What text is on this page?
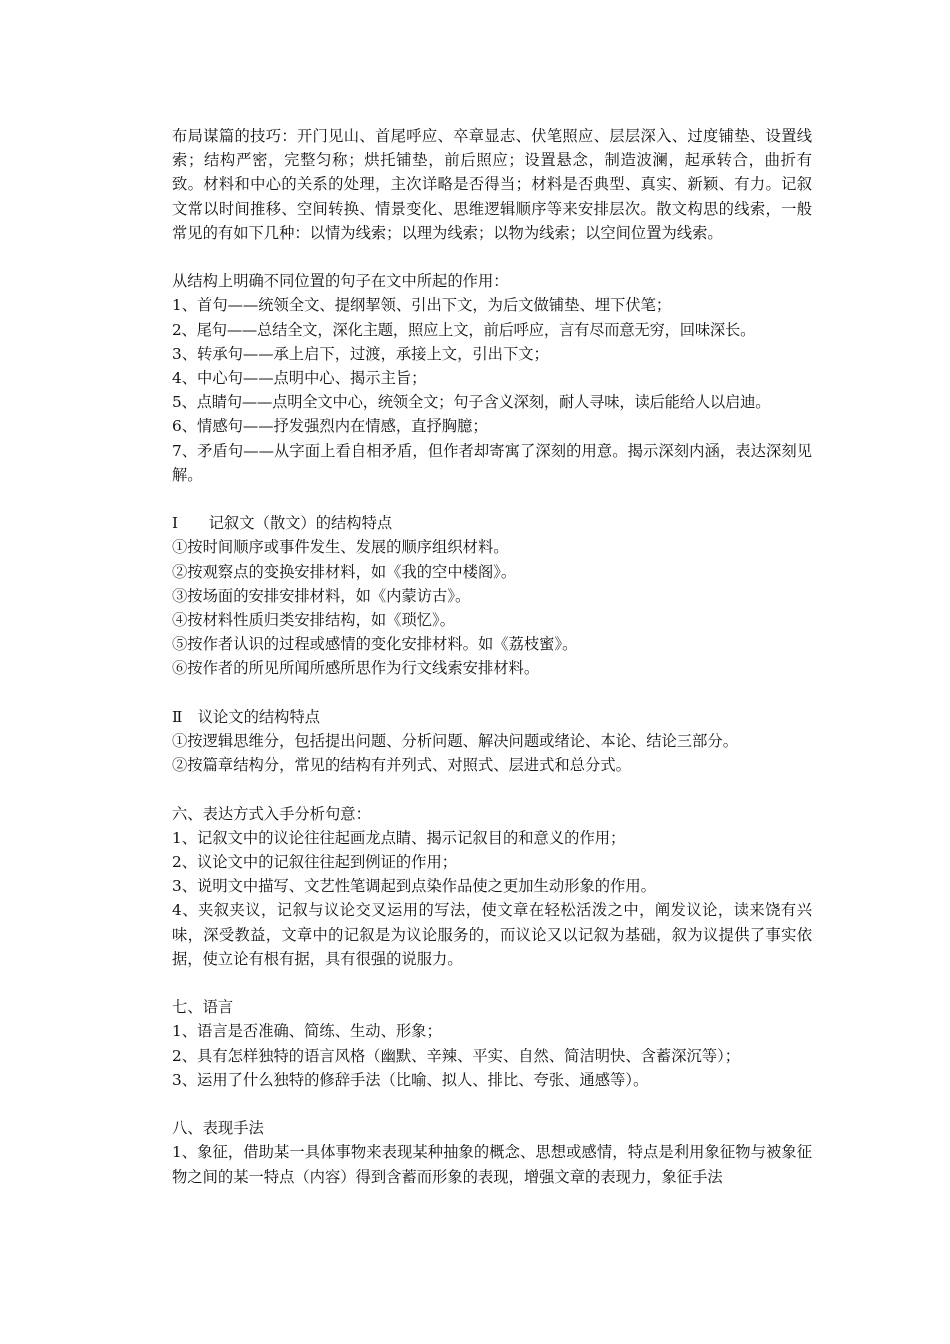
布局谋篇的技巧：开门见山、首尾呼应、卒章显志、伏笔照应、层层深入、过度铺垫、设置线索；结构严密，完整匀称；烘托铺垫，前后照应；设置悬念，制造波澜，起承转合，曲折有致。材料和中心的关系的处理，主次详略是否得当；材料是否典型、真实、新颖、有力。记叙文常以时间推移、空间转换、情景变化、思维逻辑顺序等来安排层次。散文构思的线索，一般常见的有如下几种：以情为线索；以理为线索；以物为线索；以空间位置为线索。

从结构上明确不同位置的句子在文中所起的作用：

1、首句——统领全文、提纲挈领、引出下文，为后文做铺垫、埋下伏笔；

2、尾句——总结全文，深化主题，照应上文，前后呼应，言有尽而意无穷，回味深长。

3、转承句——承上启下，过渡，承接上文，引出下文；

4、中心句——点明中心、揭示主旨；

5、点睛句——点明全文中心，统领全文；句子含义深刻，耐人寻味，读后能给人以启迪。

6、情感句——抒发强烈内在情感，直抒胸臆；

7、矛盾句——从字面上看自相矛盾，但作者却寄寓了深刻的用意。揭示深刻内涵，表达深刻见解。

Ⅰ　　记叙文（散文）的结构特点

①按时间顺序或事件发生、发展的顺序组织材料。

②按观察点的变换安排材料，如《我的空中楼阁》。

③按场面的安排安排材料，如《内蒙访古》。

④按材料性质归类安排结构，如《琐忆》。

⑤按作者认识的过程或感情的变化安排材料。如《荔枝蜜》。

⑥按作者的所见所闻所感所思作为行文线索安排材料。

Ⅱ　议论文的结构特点

①按逻辑思维分，包括提出问题、分析问题、解决问题或绪论、本论、结论三部分。

②按篇章结构分，常见的结构有并列式、对照式、层进式和总分式。

六、表达方式入手分析句意：

1、记叙文中的议论往往起画龙点睛、揭示记叙目的和意义的作用；

2、议论文中的记叙往往起到例证的作用；

3、说明文中描写、文艺性笔调起到点染作品使之更加生动形象的作用。

4、夹叙夹议，记叙与议论交叉运用的写法，使文章在轻松活泼之中，阐发议论，读来饶有兴味，深受教益，文章中的记叙是为议论服务的，而议论又以记叙为基础，叙为议提供了事实依据，使立论有根有据，具有很强的说服力。

七、语言

1、语言是否准确、简练、生动、形象；

2、具有怎样独特的语言风格（幽默、辛辣、平实、自然、简洁明快、含蓄深沉等）；

3、运用了什么独特的修辞手法（比喻、拟人、排比、夸张、通感等）。

八、表现手法

1、象征，借助某一具体事物来表现某种抽象的概念、思想或感情，特点是利用象征物与被象征物之间的某一特点（内容）得到含蓄而形象的表现，增强文章的表现力，象征手法
